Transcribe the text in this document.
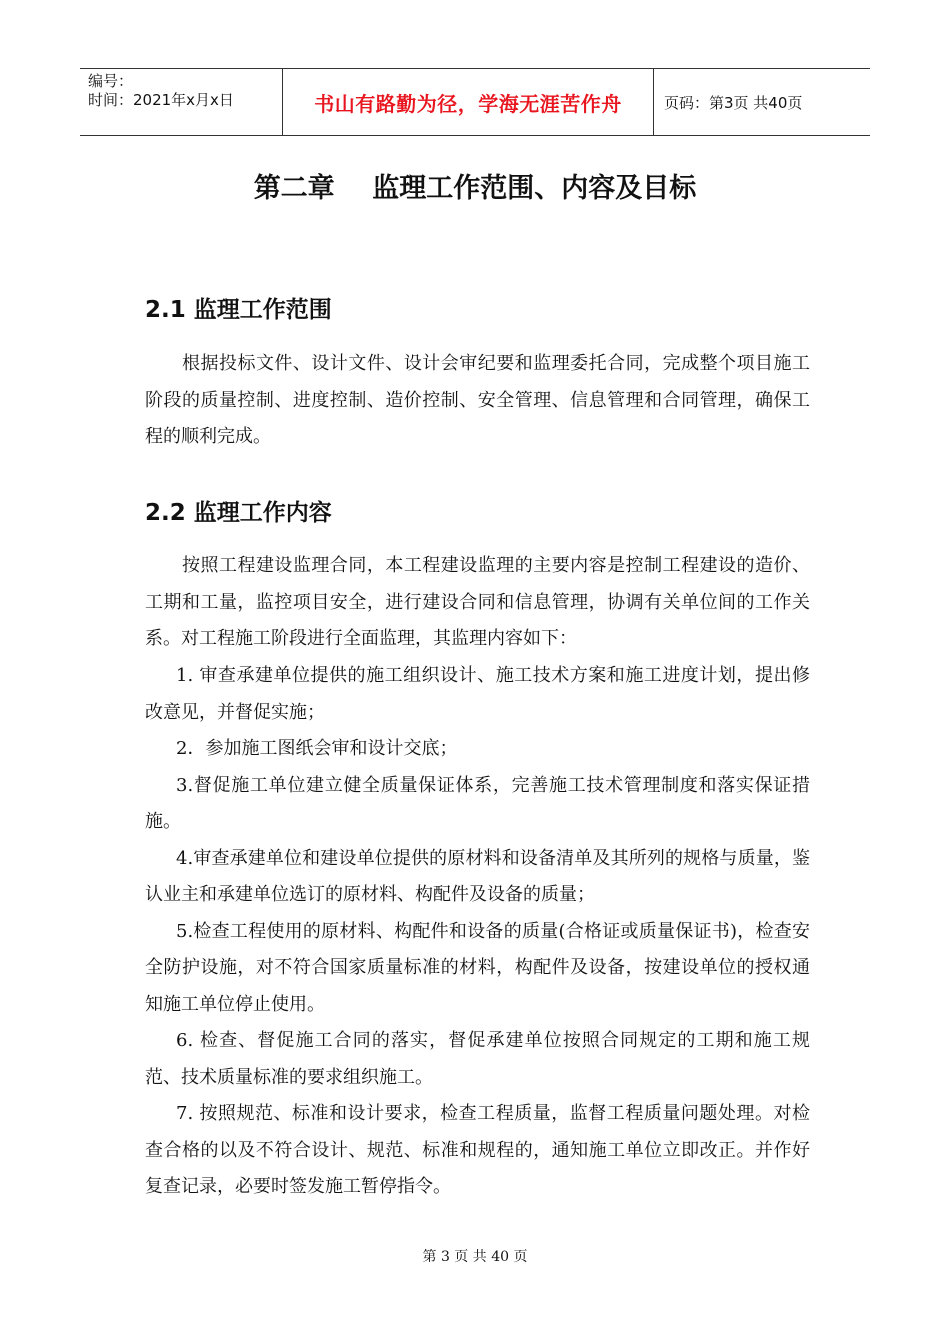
编号：
时间：2021年x月x日	书山有路勤为径，学海无涯苦作舟	页码：第3页 共40页
第二章    监理工作范围、内容及目标
2.1 监理工作范围

根据投标文件、设计文件、设计会审纪要和监理委托合同，完成整个项目施工阶段的质量控制、进度控制、造价控制、安全管理、信息管理和合同管理，确保工程的顺利完成。

2.2 监理工作内容

按照工程建设监理合同，本工程建设监理的主要内容是控制工程建设的造价、工期和工量，监控项目安全，进行建设合同和信息管理，协调有关单位间的工作关系。对工程施工阶段进行全面监理，其监理内容如下：

1. 审查承建单位提供的施工组织设计、施工技术方案和施工进度计划，提出修改意见，并督促实施；

2．参加施工图纸会审和设计交底；

3.督促施工单位建立健全质量保证体系，完善施工技术管理制度和落实保证措施。

4.审查承建单位和建设单位提供的原材料和设备清单及其所列的规格与质量，鉴认业主和承建单位选订的原材料、构配件及设备的质量；

5.检查工程使用的原材料、构配件和设备的质量(合格证或质量保证书)，检查安全防护设施，对不符合国家质量标准的材料，构配件及设备，按建设单位的授权通知施工单位停止使用。

6. 检查、督促施工合同的落实，督促承建单位按照合同规定的工期和施工规范、技术质量标准的要求组织施工。

7. 按照规范、标准和设计要求，检查工程质量，监督工程质量问题处理。对检查合格的以及不符合设计、规范、标准和规程的，通知施工单位立即改正。并作好复查记录，必要时签发施工暂停指令。

第 3 页 共 40 页
